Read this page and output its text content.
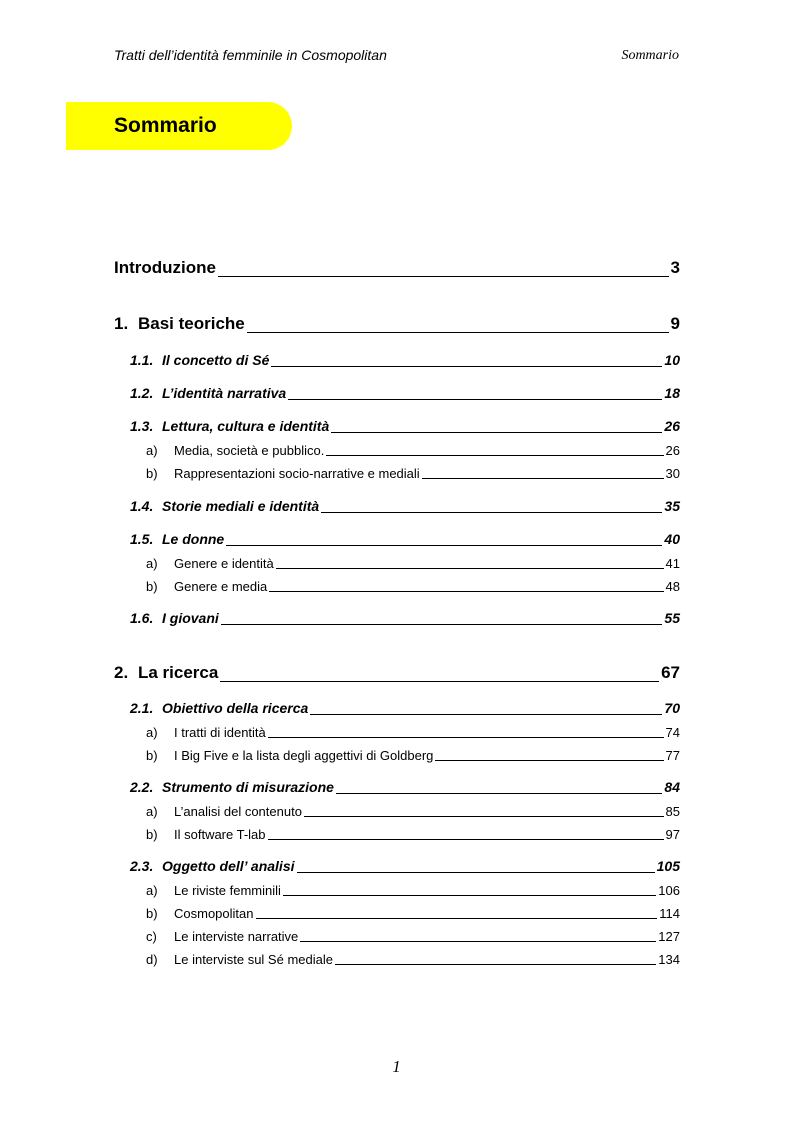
Tratti dell’identità femminile in Cosmopolitan	Sommario
Sommario
Introduzione	3
1. Basi teoriche	9
1.1. Il concetto di Sé	10
1.2. L’identità narrativa	18
1.3. Lettura, cultura e identità	26
a) Media, società e pubblico.	26
b) Rappresentazioni socio-narrative e mediali	30
1.4. Storie mediali e identità	35
1.5. Le donne	40
a) Genere e identità	41
b) Genere e media	48
1.6. I giovani	55
2. La ricerca	67
2.1. Obiettivo della ricerca	70
a) I tratti di identità	74
b) I Big Five e la lista degli aggettivi di Goldberg	77
2.2. Strumento di misurazione	84
a) L’analisi del contenuto	85
b) Il software T-lab	97
2.3. Oggetto dell’ analisi	105
a) Le riviste femminili	106
b) Cosmopolitan	114
c) Le interviste narrative	127
d) Le interviste sul Sé mediale	134
1
